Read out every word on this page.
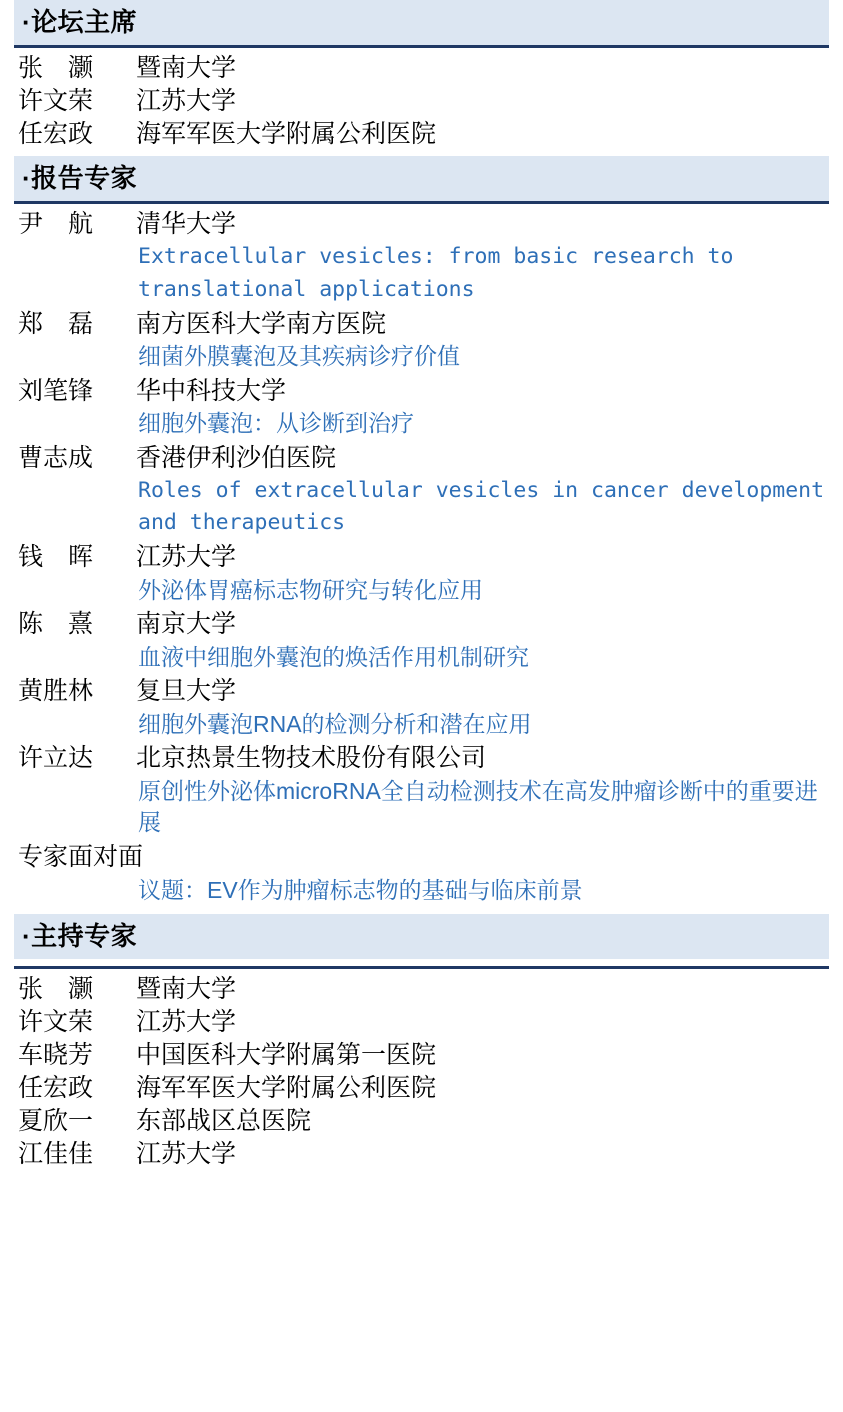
·论坛主席
张　灏	暨南大学
许文荣	江苏大学
任宏政	海军军医大学附属公利医院
·报告专家
尹　航	清华大学
Extracellular vesicles: from basic research to translational applications
郑　磊	南方医科大学南方医院
细菌外膜囊泡及其疾病诊疗价值
刘笔锋	华中科技大学
细胞外囊泡：从诊断到治疗
曹志成	香港伊利沙伯医院
Roles of extracellular vesicles in cancer development and therapeutics
钱　晖	江苏大学
外泌体胃癌标志物研究与转化应用
陈　熹	南京大学
血液中细胞外囊泡的焕活作用机制研究
黄胜林	复旦大学
细胞外囊泡RNA的检测分析和潜在应用
许立达	北京热景生物技术股份有限公司
原创性外泌体microRNA全自动检测技术在高发肿瘤诊断中的重要进展
专家面对面
议题：EV作为肿瘤标志物的基础与临床前景
·主持专家
张　灏	暨南大学
许文荣	江苏大学
车晓芳	中国医科大学附属第一医院
任宏政	海军军医大学附属公利医院
夏欣一	东部战区总医院
江佳佳	江苏大学
